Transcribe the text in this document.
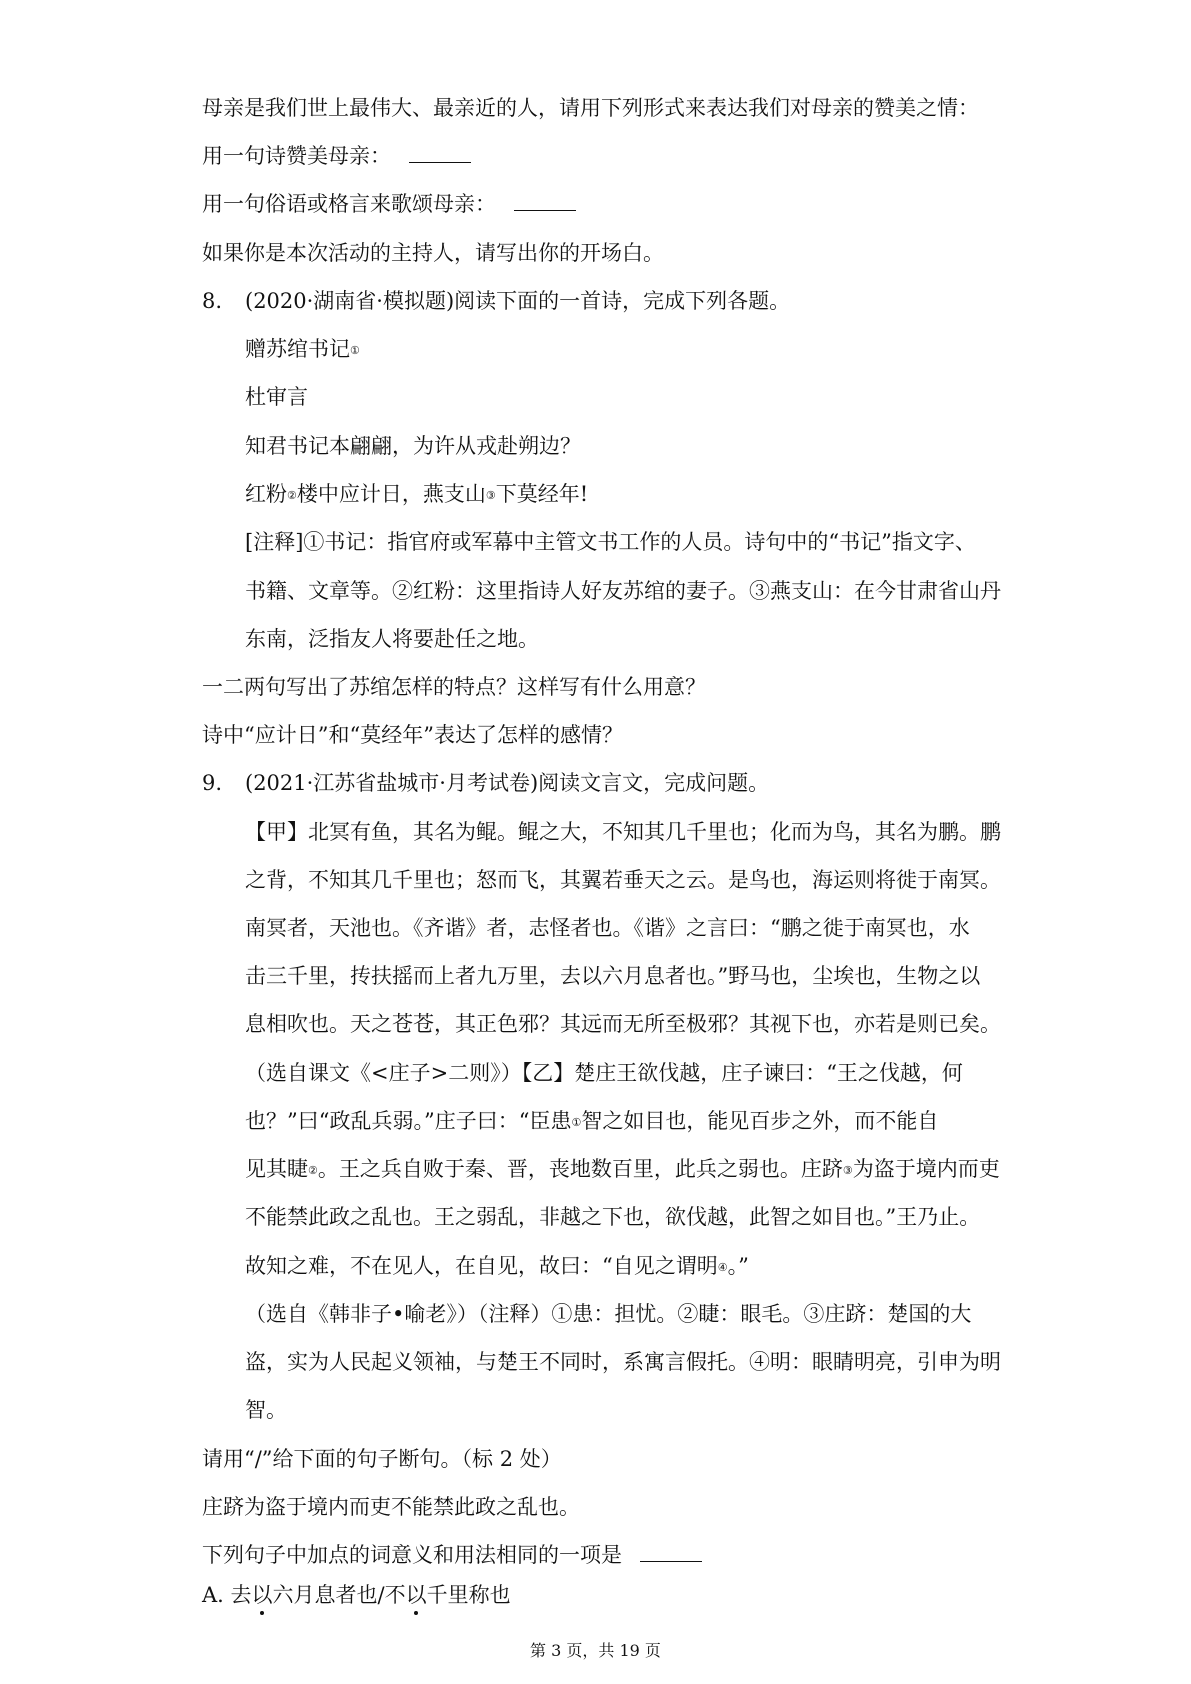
母亲是我们世上最伟大、最亲近的人，请用下列形式来表达我们对母亲的赞美之情：
用一句诗赞美母亲：
用一句俗语或格言来歌颂母亲：
如果你是本次活动的主持人，请写出你的开场白。
8. (2020·湖南省·模拟题)阅读下面的一首诗，完成下列各题。
赠苏绾书记①
杜审言
知君书记本翩翩，为许从戎赴朔边？
红粉②楼中应计日，燕支山③下莫经年!
[注释]①书记：指官府或军幕中主管文书工作的人员。诗句中的“书记”指文字、
书籍、文章等。②红粉：这里指诗人好友苏绾的妻子。③燕支山：在今甘肃省山丹
东南，泛指友人将要赴任之地。
一二两句写出了苏绾怎样的特点？这样写有什么用意？
诗中“应计日”和“莫经年”表达了怎样的感情？
9. (2021·江苏省盐城市·月考试卷)阅读文言文，完成问题。
【甲】北冥有鱼，其名为鲲。鲲之大，不知其几千里也；化而为鸟，其名为鹏。鹏
之背，不知其几千里也；怒而飞，其翼若垂天之云。是鸟也，海运则将徙于南冥。
南冥者，天池也。《齐谐》者，志怪者也。《谐》之言曰：“鹏之徙于南冥也，水
击三千里，抟扶摇而上者九万里，去以六月息者也。”野马也，尘埃也，生物之以
息相吹也。天之苍苍，其正色邪？其远而无所至极邪？其视下也，亦若是则已矣。
（选自课文《<庄子>二则》）【乙】楚庄王欲伐越，庄子谏曰：“王之伐越，何
也？”曰“政乱兵弱。”庄子曰：“臣患①智之如目也，能见百步之外，而不能自
见其睫②。王之兵自败于秦、晋，丧地数百里，此兵之弱也。庄跻③为盗于境内而吏
不能禁此政之乱也。王之弱乱，非越之下也，欲伐越，此智之如目也。”王乃止。
故知之难，不在见人，在自见，故曰：“自见之谓明④。”
（选自《韩非子•喻老》）（注释）①患：担忧。②睫：眼毛。③庄跻：楚国的大
盗，实为人民起义领袖，与楚王不同时，系寓言假托。④明：眼睛明亮，引申为明
智。
请用“/”给下面的句子断句。（标 2 处）
庄跻为盗于境内而吏不能禁此政之乱也。
下列句子中加点的词意义和用法相同的一项是
A. 去以六月息者也/不以千里称也
第 3 页，共 19 页
